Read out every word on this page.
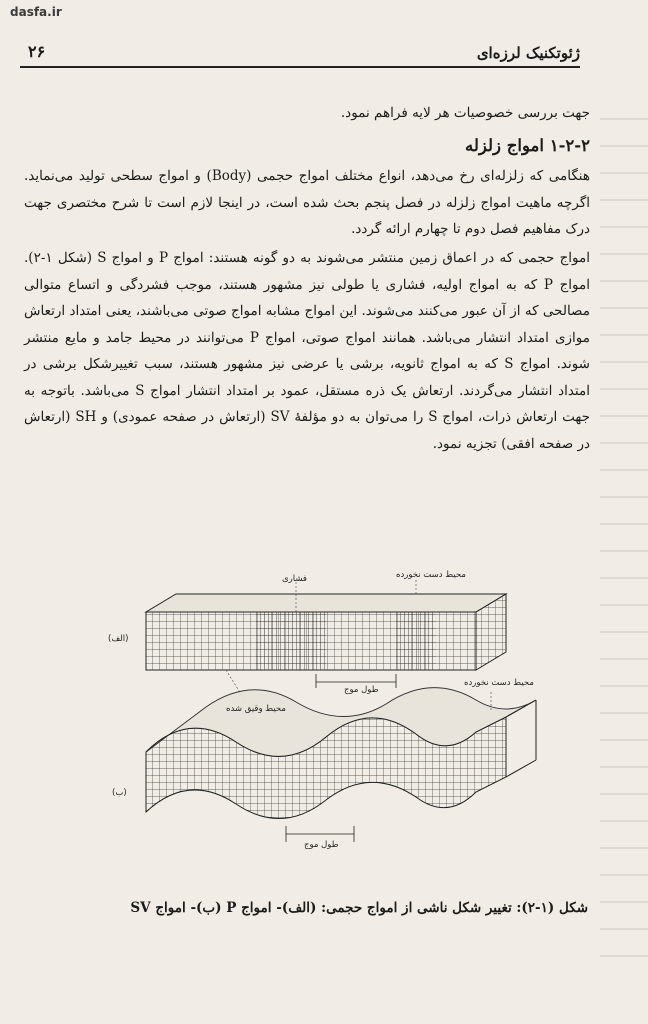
dasfa.ir
ژئوتکنیک لرزه‌ای
۲۶

جهت بررسی خصوصیات هر لایه فراهم نمود.

۱-۲-۲ امواج زلزله

هنگامی که زلزله‌ای رخ می‌دهد، انواع مختلف امواج حجمی (Body) و امواج سطحی تولید می‌نماید. اگرچه ماهیت امواج زلزله در فصل پنجم بحث شده است، در اینجا لازم است تا شرح مختصری جهت درک مفاهیم فصل دوم تا چهارم ارائه گردد.

امواج حجمی که در اعماق زمین منتشر می‌شوند به دو گونه هستند: امواج P و امواج S (شکل ۱-۲). امواج P که به امواج اولیه، فشاری یا طولی نیز مشهور هستند، موجب فشردگی و اتساع متوالی مصالحی که از آن عبور می‌کنند می‌شوند. این امواج مشابه امواج صوتی می‌باشند، یعنی امتداد ارتعاش موازی امتداد انتشار می‌باشد. همانند امواج صوتی، امواج P می‌توانند در محیط جامد و مایع منتشر شوند. امواج S که به امواج ثانویه، برشی یا عرضی نیز مشهور هستند، سبب تغییرشکل برشی در امتداد انتشار می‌گردند. ارتعاش یک ذره مستقل، عمود بر امتداد انتشار امواج S می‌باشد. باتوجه به جهت ارتعاش ذرات، امواج S را می‌توان به دو مؤلفهٔ SV (ارتعاش در صفحه عمودی) و SH (ارتعاش در صفحه افقی) تجزیه نمود.

فشاری	محیط دست نخورده
(الف)
طول موج
محیط وقیق شده
محیط دست نخورده
(ب)
طول موج
شکل (۱-۲): تغییر شکل ناشی از امواج حجمی: (الف)- امواج P (ب)- امواج SV
